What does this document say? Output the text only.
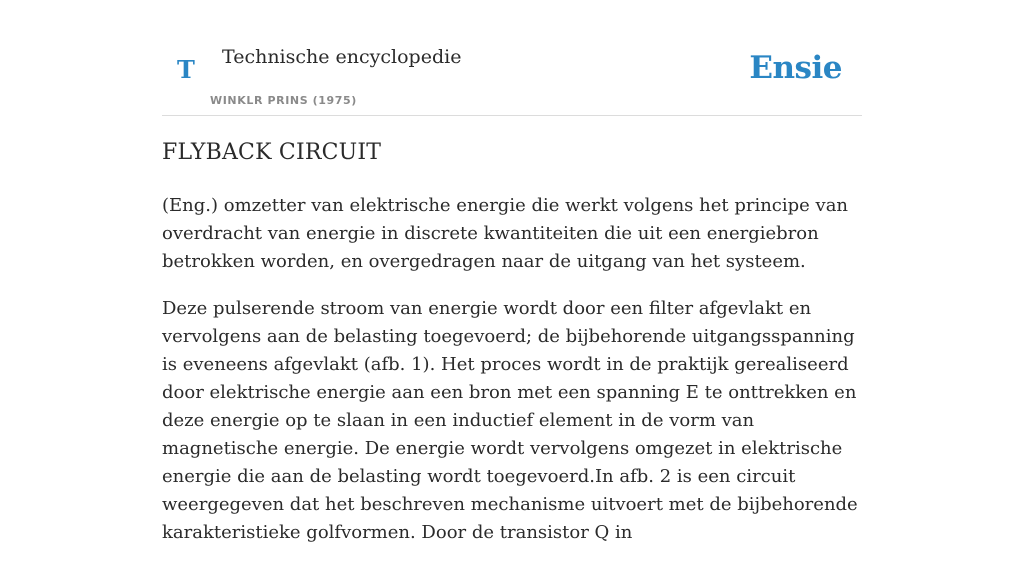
T Technische encyclopedie
WINKLR PRINS (1975)
Ensie
FLYBACK CIRCUIT

(Eng.) omzetter van elektrische energie die werkt volgens het principe van overdracht van energie in discrete kwantiteiten die uit een energiebron betrokken worden, en overgedragen naar de uitgang van het systeem.

Deze pulserende stroom van energie wordt door een filter afgevlakt en vervolgens aan de belasting toegevoerd; de bijbehorende uitgangsspanning is eveneens afgevlakt (afb. 1). Het proces wordt in de praktijk gerealiseerd door elektrische energie aan een bron met een spanning E te onttrekken en deze energie op te slaan in een inductief element in de vorm van magnetische energie. De energie wordt vervolgens omgezet in elektrische energie die aan de belasting wordt toegevoerd.In afb. 2 is een circuit weergegeven dat het beschreven mechanisme uitvoert met de bijbehorende karakteristieke golfvormen. Door de transistor Q in
